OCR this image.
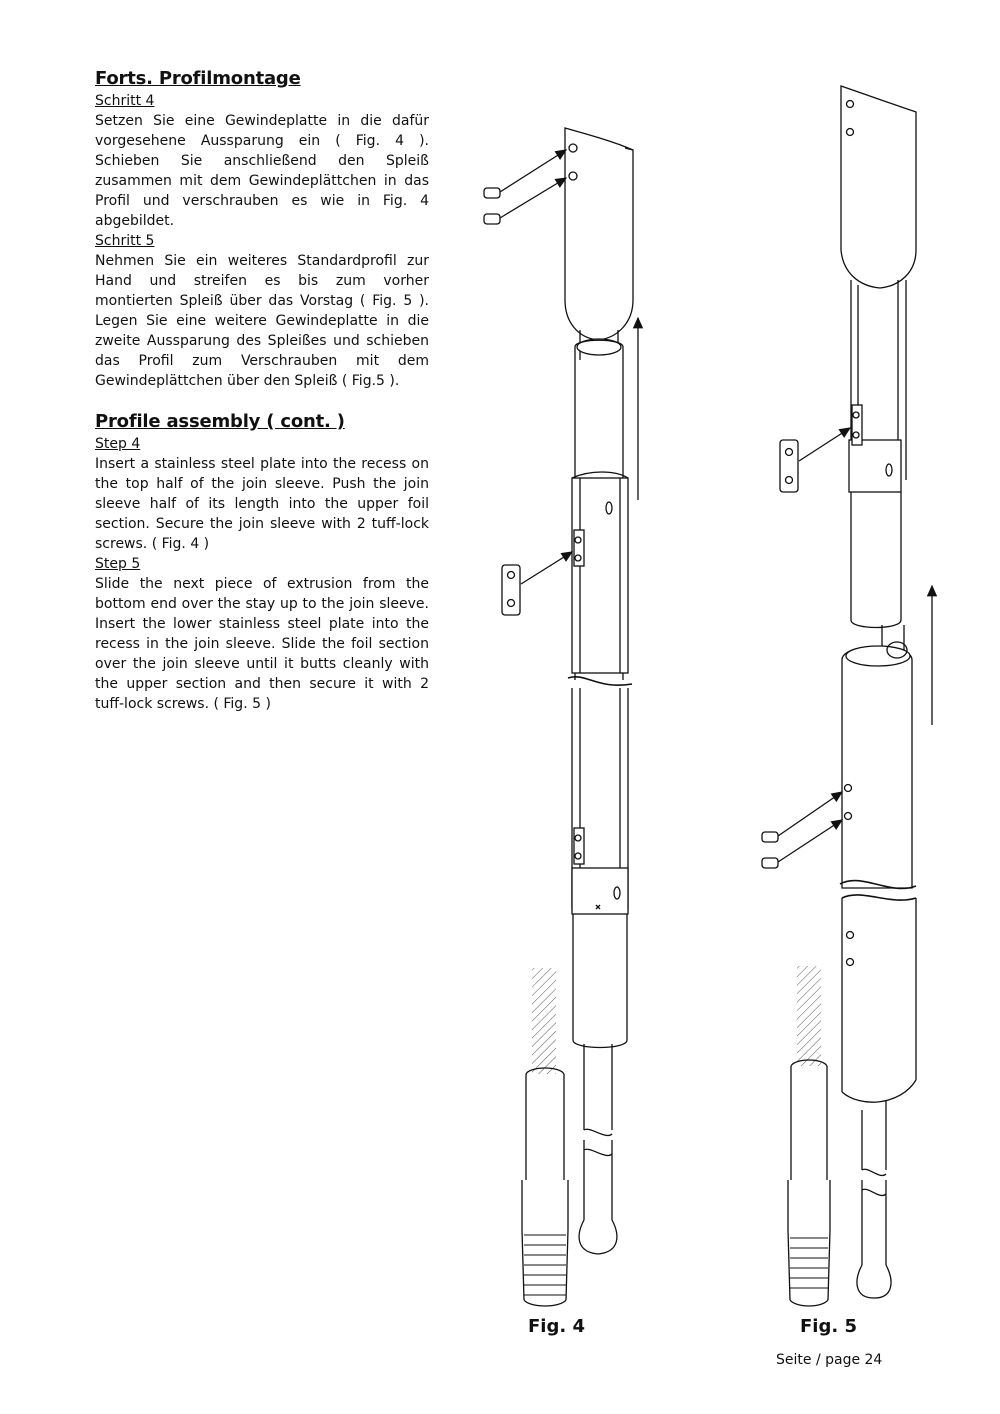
Forts. Profilmontage

Schritt 4

Setzen Sie eine Gewindeplatte in die dafür vorgesehene Aussparung ein ( Fig. 4 ). Schieben Sie anschließend den Spleiß zusammen mit dem Gewindeplättchen in das Profil und verschrauben es wie in Fig. 4 abgebildet.

Schritt 5

Nehmen Sie ein weiteres Standardprofil zur Hand und streifen es bis zum vorher montierten Spleiß über das Vorstag ( Fig. 5 ). Legen Sie eine weitere Gewindeplatte in die zweite Aussparung des Spleißes und schieben das Profil zum Verschrauben mit dem Gewindeplättchen über den Spleiß ( Fig.5 ).

Profile assembly ( cont. )

Step 4

Insert a stainless steel plate into the recess on the top half of the join sleeve. Push the join sleeve half of its length into the upper foil section. Secure the join sleeve with 2 tuff-lock screws. ( Fig. 4 )

Step 5

Slide the next piece of extrusion from the bottom end over the stay up to the join sleeve. Insert the lower stainless steel plate into the recess in the join sleeve. Slide the foil section over the join sleeve until it butts cleanly with the upper section and then secure it with 2 tuff-lock screws. ( Fig. 5 )

Fig. 4	Fig. 5
Seite / page 24
